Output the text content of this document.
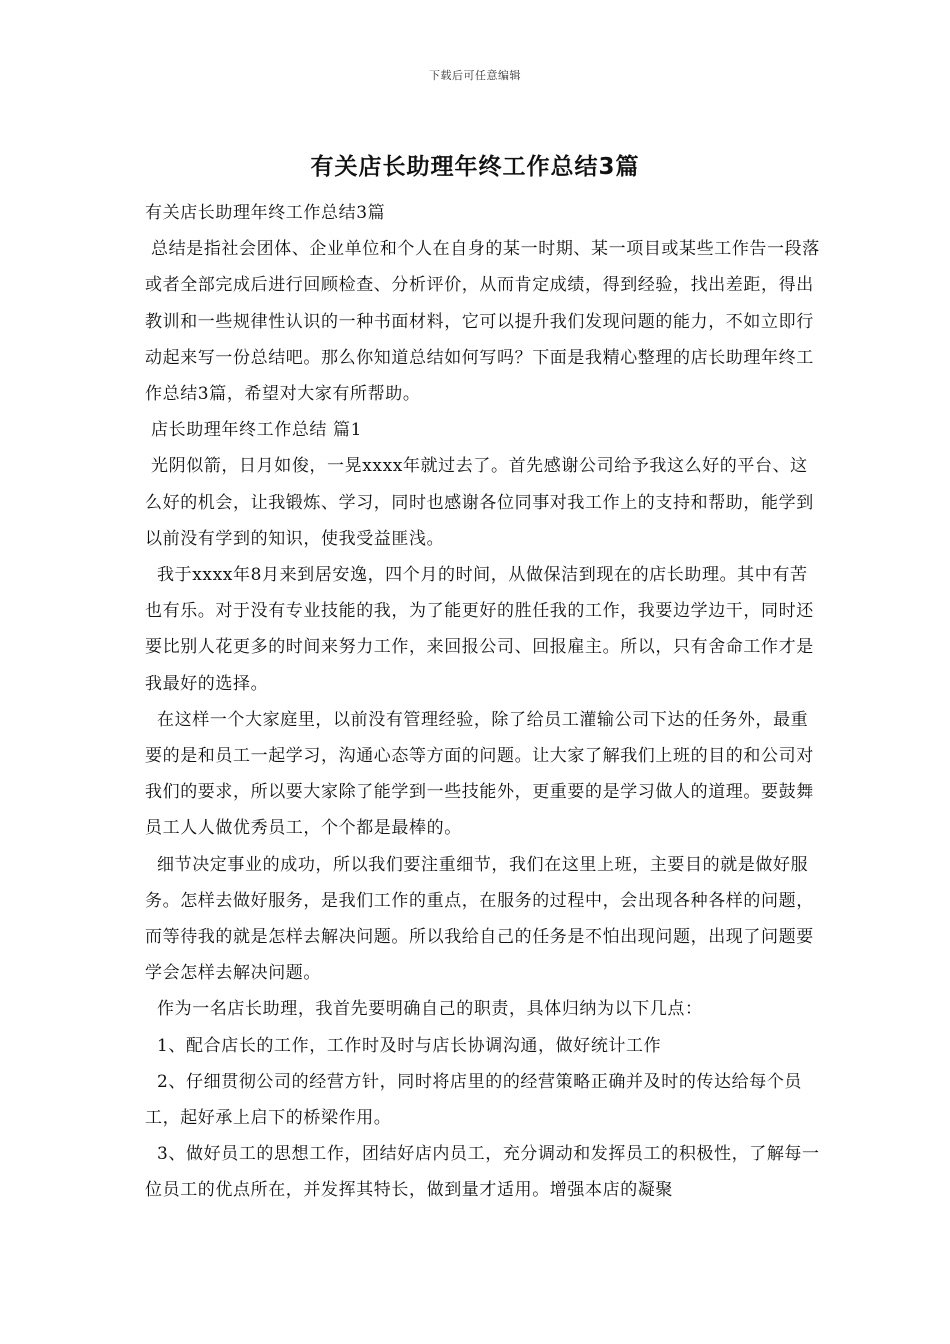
下载后可任意编辑
有关店长助理年终工作总结3篇

有关店长助理年终工作总结3篇

总结是指社会团体、企业单位和个人在自身的某一时期、某一项目或某些工作告一段落或者全部完成后进行回顾检查、分析评价，从而肯定成绩，得到经验，找出差距，得出教训和一些规律性认识的一种书面材料，它可以提升我们发现问题的能力，不如立即行动起来写一份总结吧。那么你知道总结如何写吗？下面是我精心整理的店长助理年终工作总结3篇，希望对大家有所帮助。

店长助理年终工作总结 篇1

光阴似箭，日月如俊，一晃xxxx年就过去了。首先感谢公司给予我这么好的平台、这么好的机会，让我锻炼、学习，同时也感谢各位同事对我工作上的支持和帮助，能学到以前没有学到的知识，使我受益匪浅。

我于xxxx年8月来到居安逸，四个月的时间，从做保洁到现在的店长助理。其中有苦也有乐。对于没有专业技能的我，为了能更好的胜任我的工作，我要边学边干，同时还要比别人花更多的时间来努力工作，来回报公司、回报雇主。所以，只有舍命工作才是我最好的选择。

在这样一个大家庭里，以前没有管理经验，除了给员工灌输公司下达的任务外，最重要的是和员工一起学习，沟通心态等方面的问题。让大家了解我们上班的目的和公司对我们的要求，所以要大家除了能学到一些技能外，更重要的是学习做人的道理。要鼓舞员工人人做优秀员工，个个都是最棒的。

细节决定事业的成功，所以我们要注重细节，我们在这里上班，主要目的就是做好服务。怎样去做好服务，是我们工作的重点，在服务的过程中，会出现各种各样的问题，而等待我的就是怎样去解决问题。所以我给自己的任务是不怕出现问题，出现了问题要学会怎样去解决问题。

作为一名店长助理，我首先要明确自己的职责，具体归纳为以下几点：

1、配合店长的工作，工作时及时与店长协调沟通，做好统计工作

2、仔细贯彻公司的经营方针，同时将店里的的经营策略正确并及时的传达给每个员工，起好承上启下的桥梁作用。

3、做好员工的思想工作，团结好店内员工，充分调动和发挥员工的积极性，了解每一位员工的优点所在，并发挥其特长，做到量才适用。增强本店的凝聚
